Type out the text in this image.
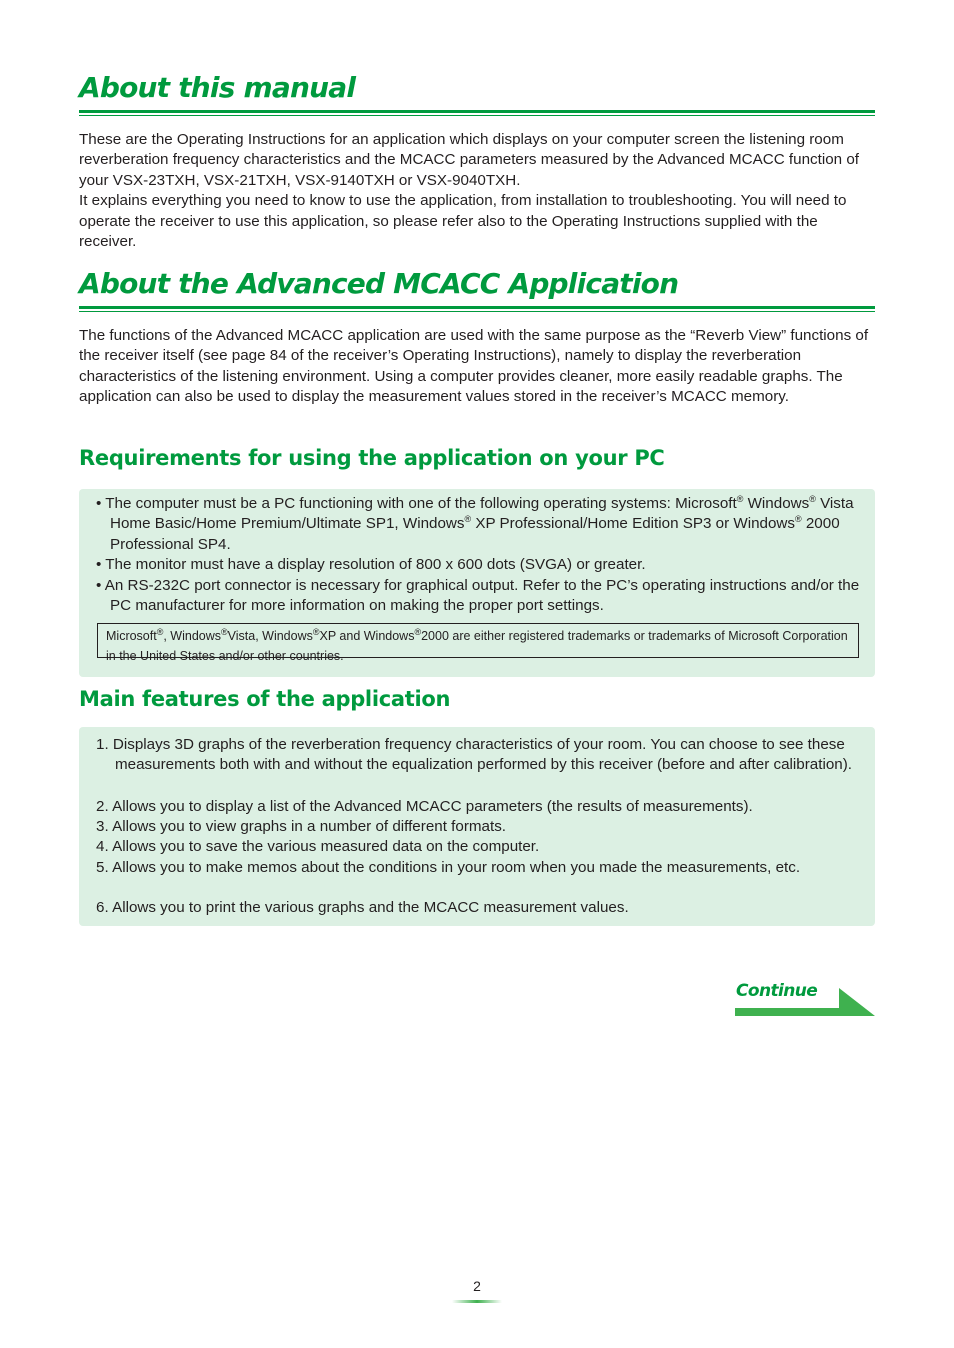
About this manual

These are the Operating Instructions for an application which displays on your computer screen the listening room reverberation frequency characteristics and the MCACC parameters measured by the Advanced MCACC function of your VSX-23TXH, VSX-21TXH, VSX-9140TXH or VSX-9040TXH.
It explains everything you need to know to use the application, from installation to troubleshooting. You will need to operate the receiver to use this application, so please refer also to the Operating Instructions supplied with the receiver.

About the Advanced MCACC Application

The functions of the Advanced MCACC application are used with the same purpose as the “Reverb View” functions of the receiver itself (see page 84 of the receiver’s Operating Instructions), namely to display the reverberation characteristics of the listening environment. Using a computer provides cleaner, more easily readable graphs. The application can also be used to display the measurement values stored in the receiver’s MCACC memory.

Requirements for using the application on your PC

• The computer must be a PC functioning with one of the following operating systems: Microsoft® Windows® Vista Home Basic/Home Premium/Ultimate SP1, Windows® XP Professional/Home Edition SP3 or Windows® 2000 Professional SP4.

• The monitor must have a display resolution of 800 x 600 dots (SVGA) or greater.

• An RS-232C port connector is necessary for graphical output. Refer to the PC’s operating instructions and/or the PC manufacturer for more information on making the proper port settings.

Microsoft®, Windows®Vista, Windows®XP and Windows®2000 are either registered trademarks or trademarks of Microsoft Corporation in the United States and/or other countries.
Main features of the application

1. Displays 3D graphs of the reverberation frequency characteristics of your room. You can choose to see these measurements both with and without the equalization performed by this receiver (before and after calibration).

2. Allows you to display a list of the Advanced MCACC parameters (the results of measurements).

3. Allows you to view graphs in a number of different formats.

4. Allows you to save the various measured data on the computer.

5. Allows you to make memos about the conditions in your room when you made the measurements, etc.

6. Allows you to print the various graphs and the MCACC measurement values.

Continue
2
